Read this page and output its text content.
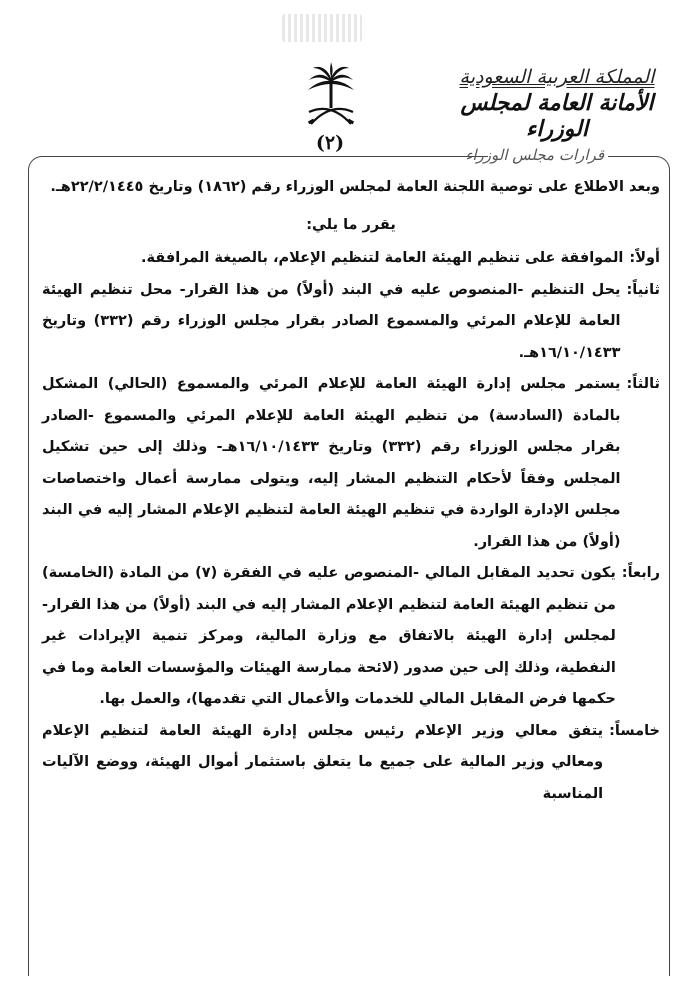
(٢)
المملكة العربية السعودية
الأمانة العامة لمجلس الوزراء
قرارات مجلس الوزراء

وبعد الاطلاع على توصية اللجنة العامة لمجلس الوزراء رقم (١٨٦٢) وتاريخ ٢٢/٢/١٤٤٥هـ.

يقرر ما يلي:

أولاً:
الموافقة على تنظيم الهيئة العامة لتنظيم الإعلام، بالصيغة المرافقة.
ثانياً:
يحل التنظيم -المنصوص عليه في البند (أولاً) من هذا القرار- محل تنظيم الهيئة العامة للإعلام المرئي والمسموع الصادر بقرار مجلس الوزراء رقم (٣٣٢) وتاريخ ١٦/١٠/١٤٣٣هـ.
ثالثاً:
يستمر مجلس إدارة الهيئة العامة للإعلام المرئي والمسموع (الحالي) المشكل بالمادة (السادسة) من تنظيم الهيئة العامة للإعلام المرئي والمسموع -الصادر بقرار مجلس الوزراء رقم (٣٣٢) وتاريخ ١٦/١٠/١٤٣٣هـ- وذلك إلى حين تشكيل المجلس وفقاً لأحكام التنظيم المشار إليه، ويتولى ممارسة أعمال واختصاصات مجلس الإدارة الواردة في تنظيم الهيئة العامة لتنظيم الإعلام المشار إليه في البند (أولاً) من هذا القرار.
رابعاً:
يكون تحديد المقابل المالي -المنصوص عليه في الفقرة (٧) من المادة (الخامسة) من تنظيم الهيئة العامة لتنظيم الإعلام المشار إليه في البند (أولاً) من هذا القرار- لمجلس إدارة الهيئة بالاتفاق مع وزارة المالية، ومركز تنمية الإيرادات غير النفطية، وذلك إلى حين صدور (لائحة ممارسة الهيئات والمؤسسات العامة وما في حكمها فرض المقابل المالي للخدمات والأعمال التي تقدمها)، والعمل بها.
خامساً:
يتفق معالي وزير الإعلام رئيس مجلس إدارة الهيئة العامة لتنظيم الإعلام ومعالي وزير المالية على جميع ما يتعلق باستثمار أموال الهيئة، ووضع الآليات المناسبة
